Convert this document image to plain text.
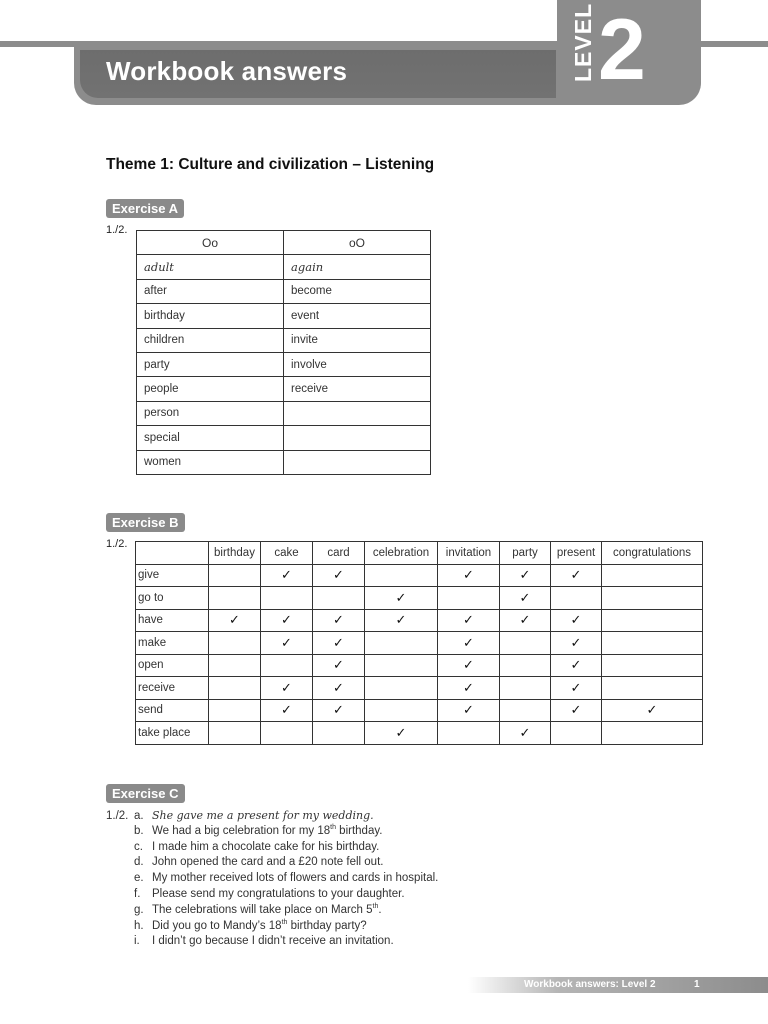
Workbook answers	LEVEL 2
Theme 1: Culture and civilization – Listening
Exercise A
1./2.
Oo	oO
adult	again
after	become
birthday	event
children	invite
party	involve
people	receive
person	
special	
women	
Exercise B
1./2.
	birthday	cake	card	celebration	invitation	party	present	congratulations
give		✓	✓		✓	✓	✓	
go to				✓		✓		
have	✓	✓	✓	✓	✓	✓	✓	
make		✓	✓		✓		✓	
open			✓		✓		✓	
receive		✓	✓		✓		✓	
send		✓	✓		✓		✓	✓
take place				✓		✓		
Exercise C
1./2. a. She gave me a present for my wedding.
b. We had a big celebration for my 18th birthday.
c. I made him a chocolate cake for his birthday.
d. John opened the card and a £20 note fell out.
e. My mother received lots of flowers and cards in hospital.
f. Please send my congratulations to your daughter.
g. The celebrations will take place on March 5th.
h. Did you go to Mandy’s 18th birthday party?
i. I didn’t go because I didn’t receive an invitation.
Workbook answers: Level 2	1
